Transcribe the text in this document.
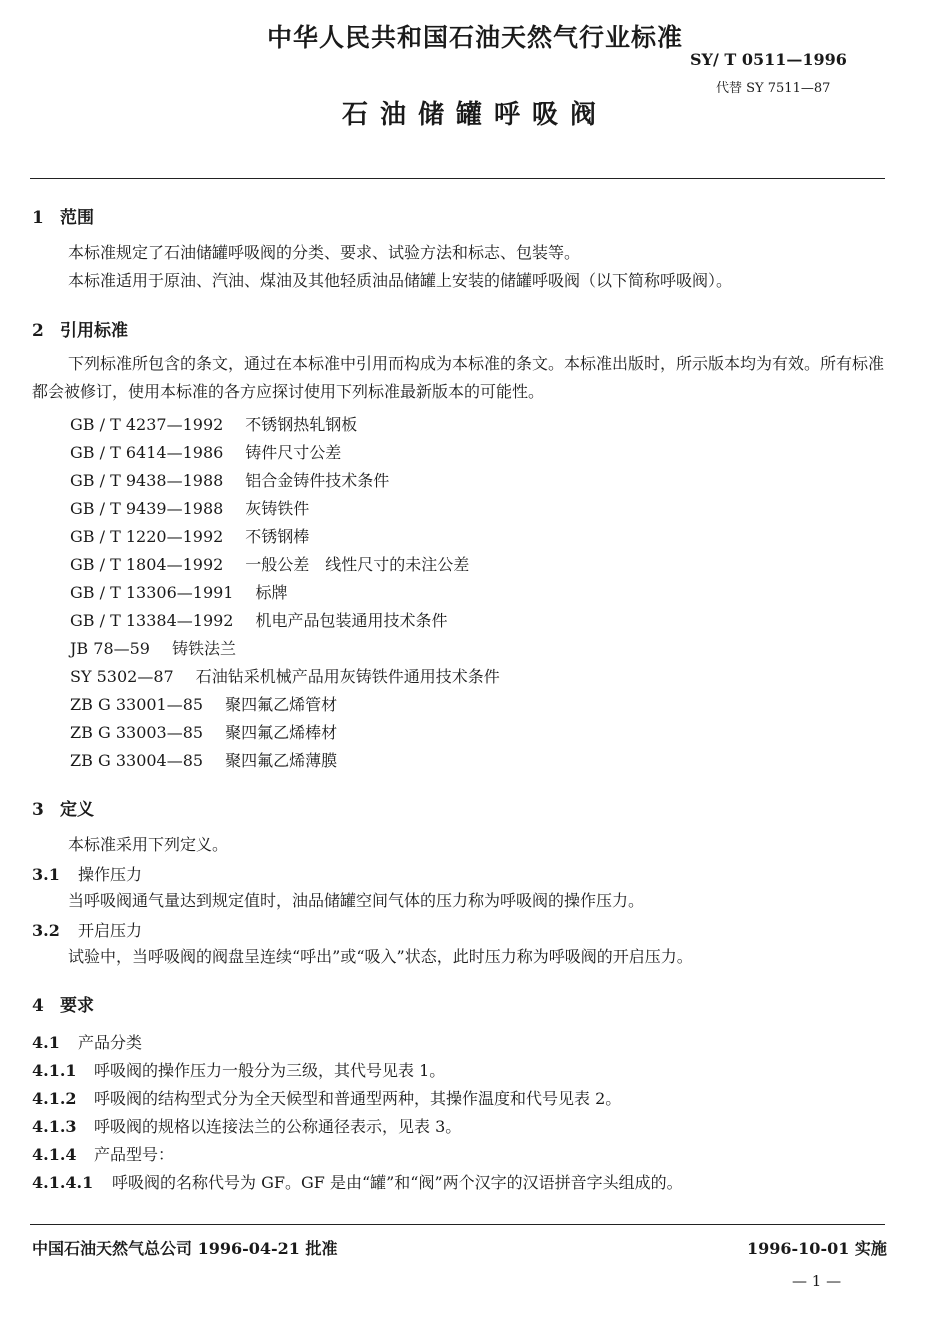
中华人民共和国石油天然气行业标准
SY/ T 0511—1996
代替 SY 7511—87
石油储罐呼吸阀
1 范围
本标准规定了石油储罐呼吸阀的分类、要求、试验方法和标志、包装等。
本标准适用于原油、汽油、煤油及其他轻质油品储罐上安装的储罐呼吸阀（以下简称呼吸阀）。
2 引用标准
下列标准所包含的条文，通过在本标准中引用而构成为本标准的条文。本标准出版时，所示版本均为有效。所有标准都会被修订，使用本标准的各方应探讨使用下列标准最新版本的可能性。
GB / T 4237—1992 不锈钢热轧钢板
GB / T 6414—1986 铸件尺寸公差
GB / T 9438—1988 铝合金铸件技术条件
GB / T 9439—1988 灰铸铁件
GB / T 1220—1992 不锈钢棒
GB / T 1804—1992 一般公差　线性尺寸的未注公差
GB / T 13306—1991 标牌
GB / T 13384—1992 机电产品包装通用技术条件
JB 78—59 铸铁法兰
SY 5302—87 石油钻采机械产品用灰铸铁件通用技术条件
ZB G 33001—85 聚四氟乙烯管材
ZB G 33003—85 聚四氟乙烯棒材
ZB G 33004—85 聚四氟乙烯薄膜
3 定义
本标准采用下列定义。
3.1 操作压力
当呼吸阀通气量达到规定值时，油品储罐空间气体的压力称为呼吸阀的操作压力。
3.2 开启压力
试验中，当呼吸阀的阀盘呈连续“呼出”或“吸入”状态，此时压力称为呼吸阀的开启压力。
4 要求
4.1 产品分类
4.1.1 呼吸阀的操作压力一般分为三级，其代号见表 1。
4.1.2 呼吸阀的结构型式分为全天候型和普通型两种，其操作温度和代号见表 2。
4.1.3 呼吸阀的规格以连接法兰的公称通径表示，见表 3。
4.1.4 产品型号：
4.1.4.1 呼吸阀的名称代号为 GF。GF 是由“罐”和“阀”两个汉字的汉语拼音字头组成的。
中国石油天然气总公司 1996-04-21 批准	1996-10-01 实施
— 1 —
